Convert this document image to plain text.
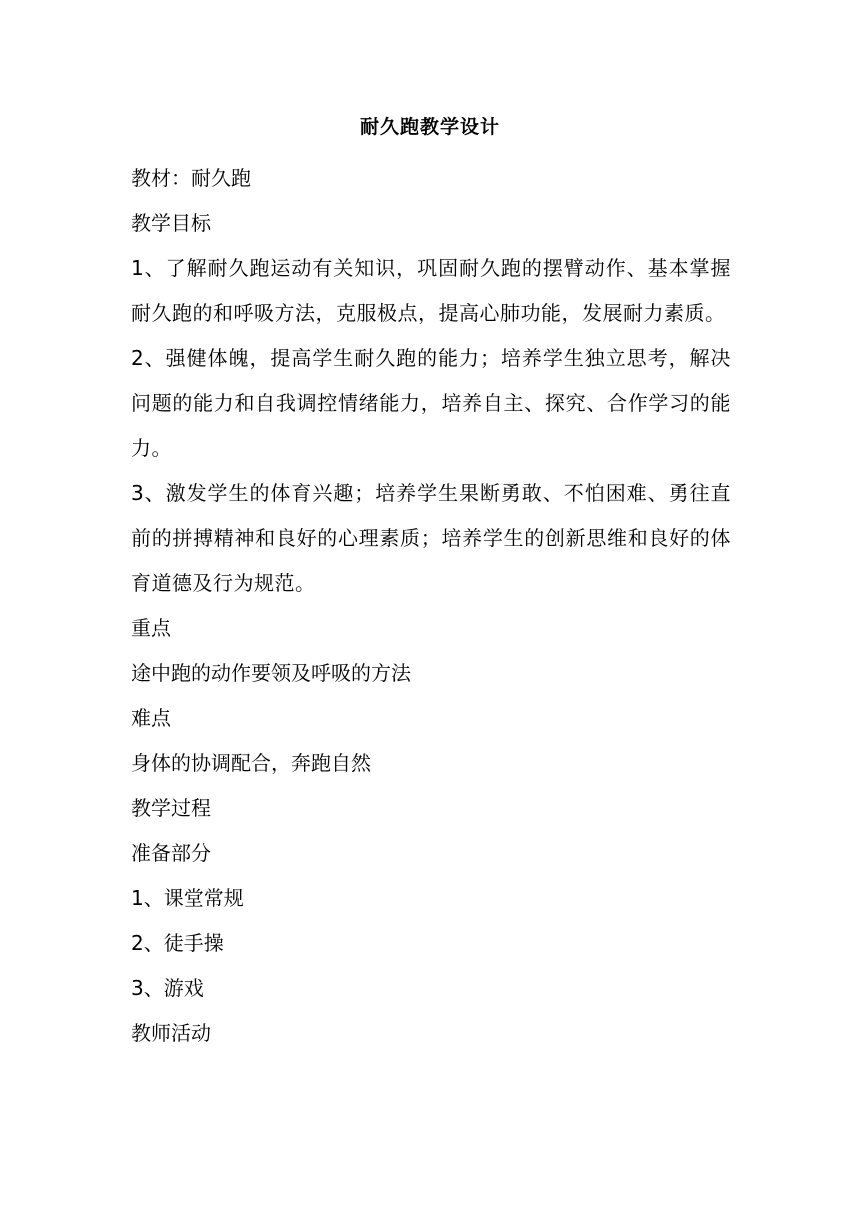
耐久跑教学设计
教材：耐久跑
教学目标

1、了解耐久跑运动有关知识，巩固耐久跑的摆臂动作、基本掌握耐久跑的和呼吸方法，克服极点，提高心肺功能，发展耐力素质。

2、强健体魄，提高学生耐久跑的能力；培养学生独立思考，解决问题的能力和自我调控情绪能力，培养自主、探究、合作学习的能力。

3、激发学生的体育兴趣；培养学生果断勇敢、不怕困难、勇往直前的拼搏精神和良好的心理素质；培养学生的创新思维和良好的体育道德及行为规范。

重点
途中跑的动作要领及呼吸的方法
难点
身体的协调配合，奔跑自然
教学过程
准备部分
1、课堂常规
2、徒手操
3、游戏
教师活动
